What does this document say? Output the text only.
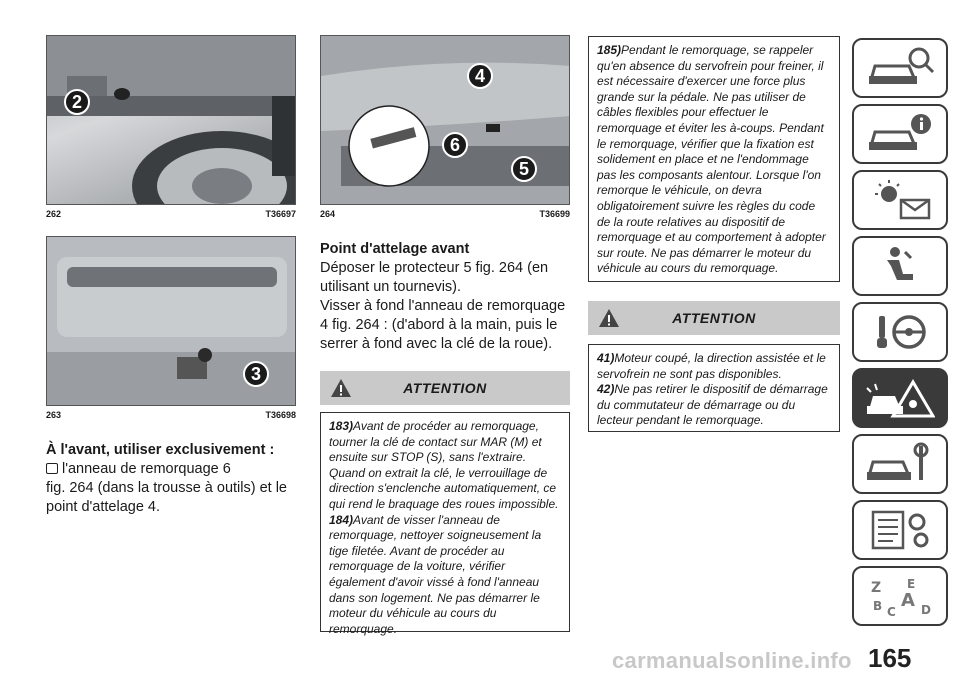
2
262	T36697
3
263	T36698
À l'avant, utiliser exclusivement :
l'anneau de remorquage 6
fig. 264 (dans la trousse à outils) et le point d'attelage 4.
4
6
5
264	T36699
Point d'attelage avant
Déposer le protecteur 5 fig. 264 (en utilisant un tournevis).
Visser à fond l'anneau de remorquage 4 fig. 264 : (d'abord à la main, puis le serrer à fond avec la clé de la roue).
ATTENTION
183)Avant de procéder au remorquage, tourner la clé de contact sur MAR (M) et ensuite sur STOP (S), sans l'extraire. Quand on extrait la clé, le verrouillage de direction s'enclenche automatiquement, ce qui rend le braquage des roues impossible.
184)Avant de visser l'anneau de remorquage, nettoyer soigneusement la tige filetée. Avant de procéder au remorquage de la voiture, vérifier également d'avoir vissé à fond l'anneau dans son logement. Ne pas démarrer le moteur du véhicule au cours du remorquage.
185)Pendant le remorquage, se rappeler qu'en absence du servofrein pour freiner, il est nécessaire d'exercer une force plus grande sur la pédale. Ne pas utiliser de câbles flexibles pour effectuer le remorquage et éviter les à-coups. Pendant le remorquage, vérifier que la fixation est solidement en place et ne l'endommage pas les composants alentour. Lorsque l'on remorque le véhicule, on devra obligatoirement suivre les règles du code de la route relatives au dispositif de remorquage et au comportement à adopter sur route. Ne pas démarrer le moteur du véhicule au cours du remorquage.
ATTENTION
41)Moteur coupé, la direction assistée et le servofrein ne sont pas disponibles.
42)Ne pas retirer le dispositif de démarrage du commutateur de démarrage ou du lecteur pendant le remorquage.
Z E
B C
A D
165
carmanualsonline.info
